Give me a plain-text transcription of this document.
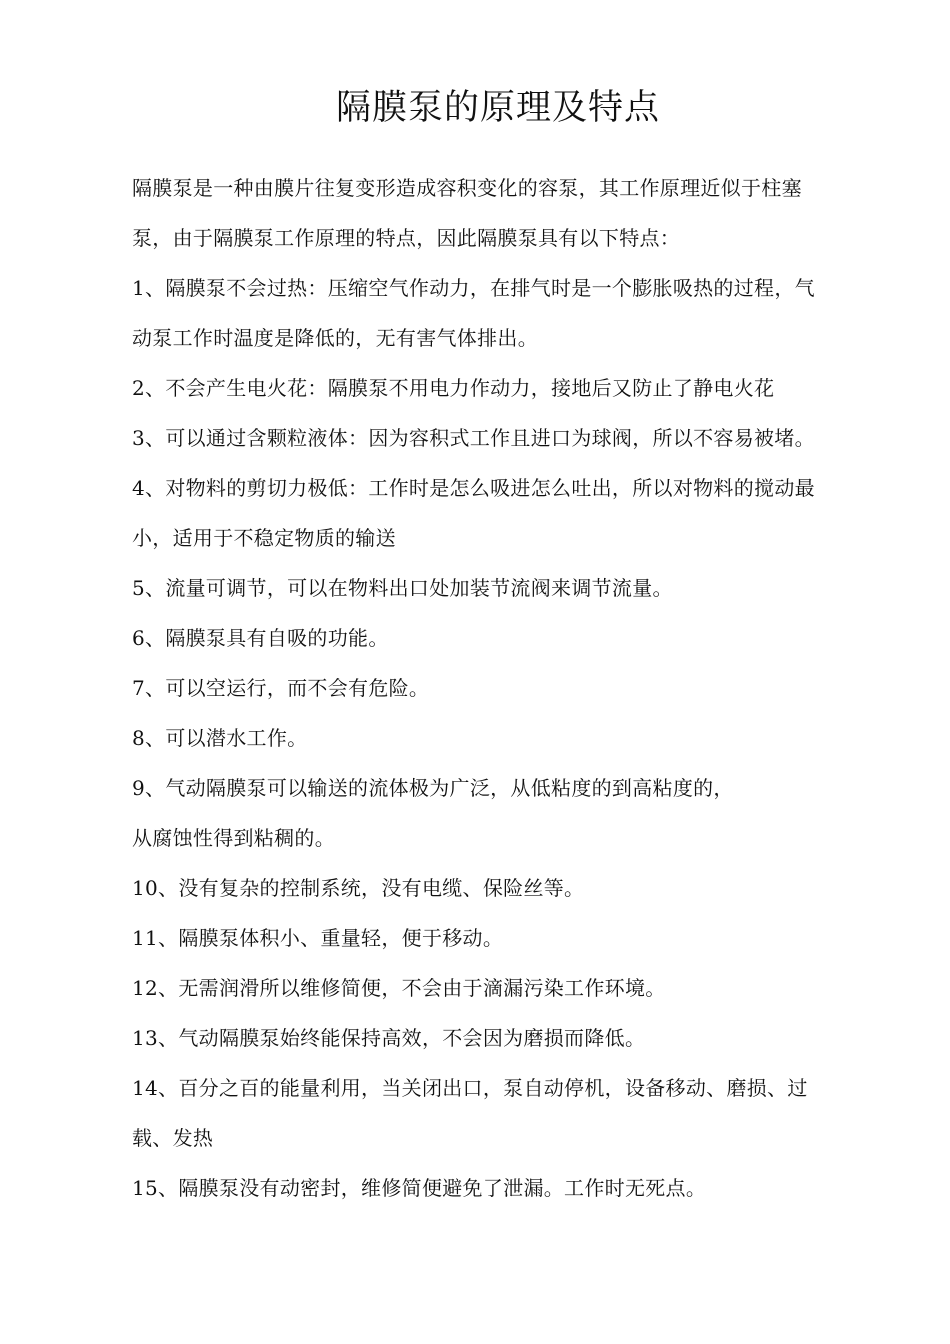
隔膜泵的原理及特点
隔膜泵是一种由膜片往复变形造成容积变化的容泵，其工作原理近似于柱塞
泵，由于隔膜泵工作原理的特点，因此隔膜泵具有以下特点：
1、隔膜泵不会过热：压缩空气作动力，在排气时是一个膨胀吸热的过程，气
动泵工作时温度是降低的，无有害气体排出。
2、不会产生电火花：隔膜泵不用电力作动力，接地后又防止了静电火花
3、可以通过含颗粒液体：因为容积式工作且进口为球阀，所以不容易被堵。
4、对物料的剪切力极低：工作时是怎么吸进怎么吐出，所以对物料的搅动最
小，适用于不稳定物质的输送
5、流量可调节，可以在物料出口处加装节流阀来调节流量。
6、隔膜泵具有自吸的功能。
7、可以空运行，而不会有危险。
8、可以潜水工作。
9、气动隔膜泵可以输送的流体极为广泛，从低粘度的到高粘度的，
从腐蚀性得到粘稠的。
10、没有复杂的控制系统，没有电缆、保险丝等。
11、隔膜泵体积小、重量轻，便于移动。
12、无需润滑所以维修简便，不会由于滴漏污染工作环境。
13、气动隔膜泵始终能保持高效，不会因为磨损而降低。
14、百分之百的能量利用，当关闭出口，泵自动停机，设备移动、磨损、过
载、发热
15、隔膜泵没有动密封，维修简便避免了泄漏。工作时无死点。
